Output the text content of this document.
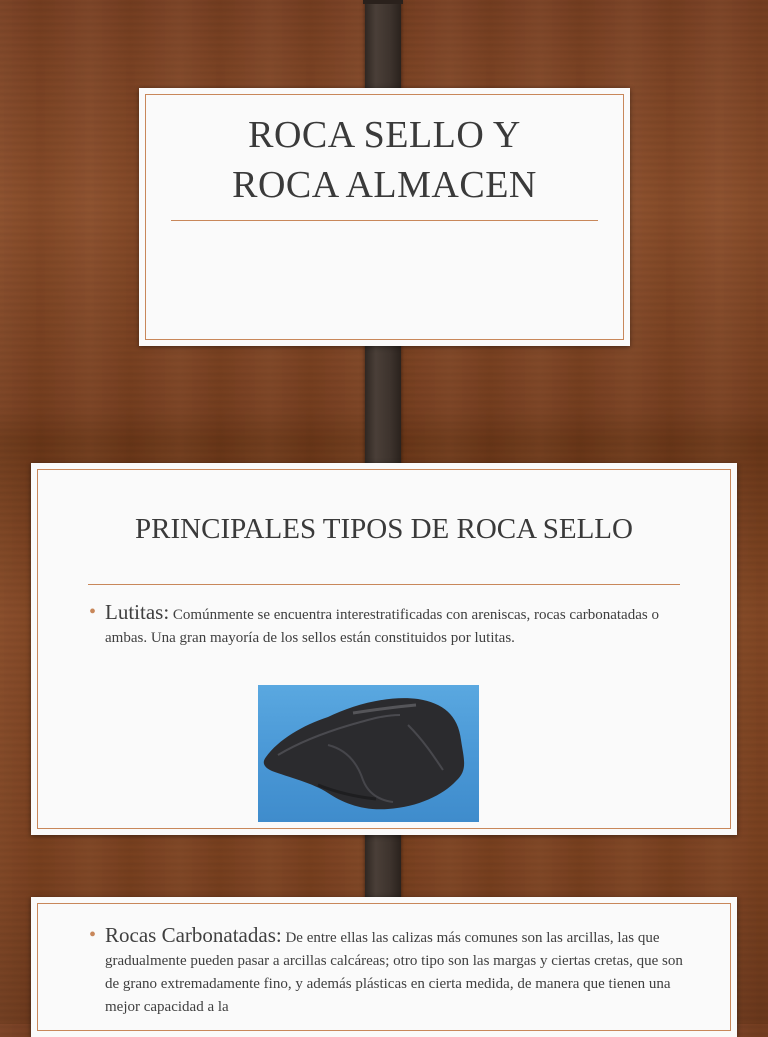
ROCA SELLO Y
ROCA ALMACEN
PRINCIPALES TIPOS DE ROCA SELLO
• Lutitas: Comúnmente se encuentra interestratificadas con areniscas, rocas carbonatadas o ambas. Una gran mayoría de los sellos están constituidos por lutitas.
• Rocas Carbonatadas: De entre ellas las calizas más comunes son las arcillas, las que gradualmente pueden pasar a arcillas calcáreas; otro tipo son las margas y ciertas cretas, que son de grano extremadamente fino, y además plásticas en cierta medida, de manera que tienen una mejor capacidad a la
